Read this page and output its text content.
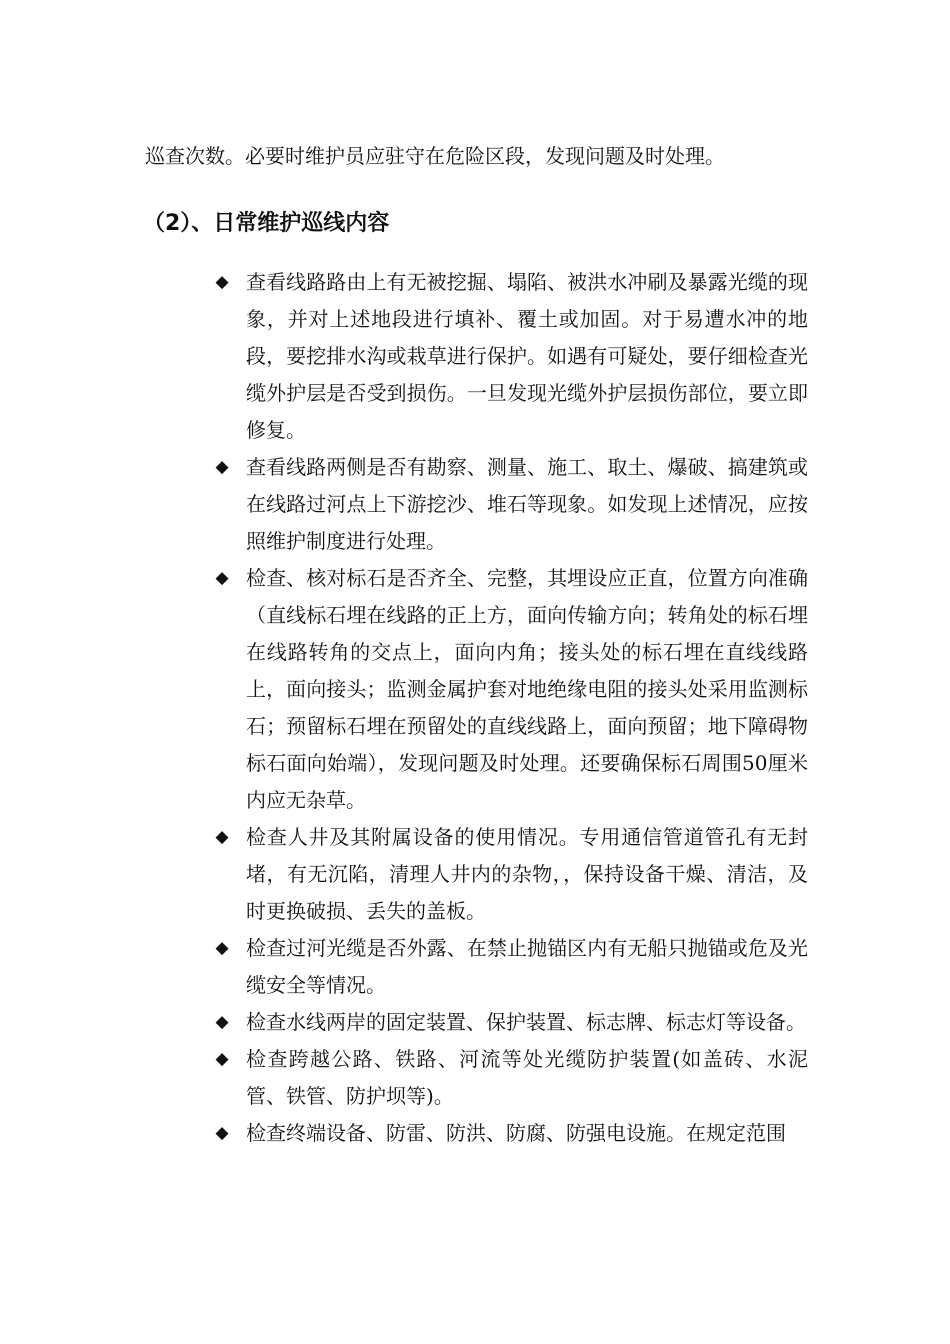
巡查次数。必要时维护员应驻守在危险区段，发现问题及时处理。

（2）、日常维护巡线内容
◆ 查看线路路由上有无被挖掘、塌陷、被洪水冲刷及暴露光缆的现象，并对上述地段进行填补、覆土或加固。对于易遭水冲的地段，要挖排水沟或栽草进行保护。如遇有可疑处，要仔细检查光缆外护层是否受到损伤。一旦发现光缆外护层损伤部位，要立即修复。
◆ 查看线路两侧是否有勘察、测量、施工、取土、爆破、搞建筑或在线路过河点上下游挖沙、堆石等现象。如发现上述情况，应按照维护制度进行处理。
◆ 检查、核对标石是否齐全、完整，其埋设应正直，位置方向准确（直线标石埋在线路的正上方，面向传输方向；转角处的标石埋在线路转角的交点上，面向内角；接头处的标石埋在直线线路上，面向接头；监测金属护套对地绝缘电阻的接头处采用监测标石；预留标石埋在预留处的直线线路上，面向预留；地下障碍物标石面向始端），发现问题及时处理。还要确保标石周围50厘米内应无杂草。
◆ 检查人井及其附属设备的使用情况。专用通信管道管孔有无封堵，有无沉陷，清理人井内的杂物，，保持设备干燥、清洁，及时更换破损、丢失的盖板。
◆ 检查过河光缆是否外露、在禁止抛锚区内有无船只抛锚或危及光缆安全等情况。
◆ 检查水线两岸的固定装置、保护装置、标志牌、标志灯等设备。
◆ 检查跨越公路、铁路、河流等处光缆防护装置(如盖砖、水泥管、铁管、防护坝等)。
◆ 检查终端设备、防雷、防洪、防腐、防强电设施。在规定范围
